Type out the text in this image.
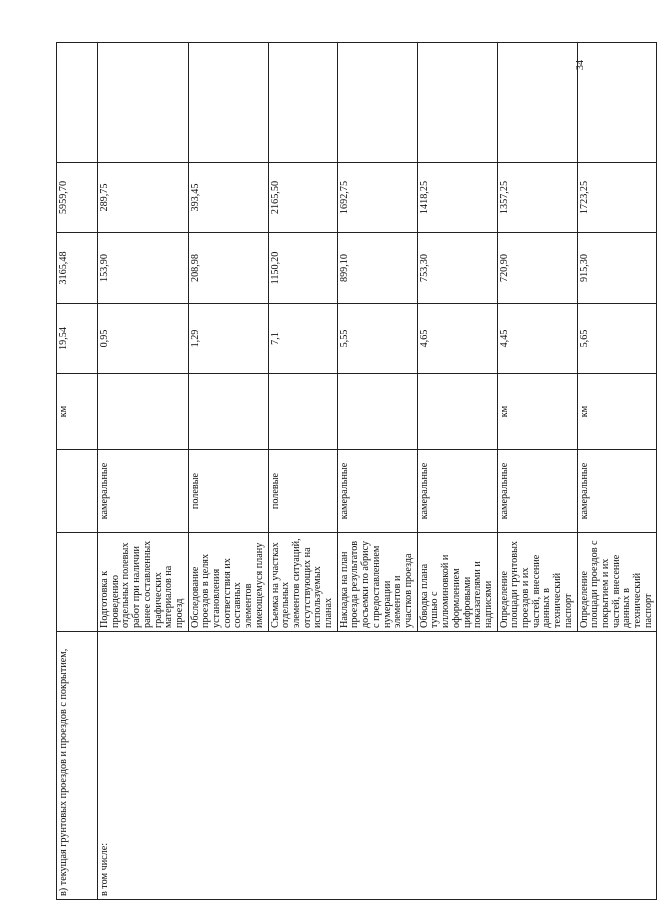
34
в) текущая грунтовых проездов и проездов с покрытием,			км	19,54	3165,48	5959,70	
в том числе:	Подготовка к проведению отдельных полевых работ при наличии ранее составленных графических материалов на проезд	камеральные		0,95	153,90	289,75	
	Обследование проездов в целях установления соответствия их составных элементов имеющемуся плану	полевые		1,29	208,98	393,45	
	Съемка на участках отдельных элементов ситуаций, отсутствующих на используемых планах	полевые		7,1	1150,20	2165,50	
	Накладка на план проезда результатов досъемки по абрису с предоставлением нумерации элементов и участков проезда	камеральные		5,55	899,10	1692,75	
	Обводка плана тушью с иллюминовкой и оформлением цифровыми показателями и надписями	камеральные		4,65	753,30	1418,25	
	Определение площади грунтовых проездов и их частей, внесение данных в технический паспорт	камеральные	км	4,45	720,90	1357,25	
	Определение площади проездов с покрытием и их частей, внесение данных в технический паспорт	камеральные	км	5,65	915,30	1723,25	
